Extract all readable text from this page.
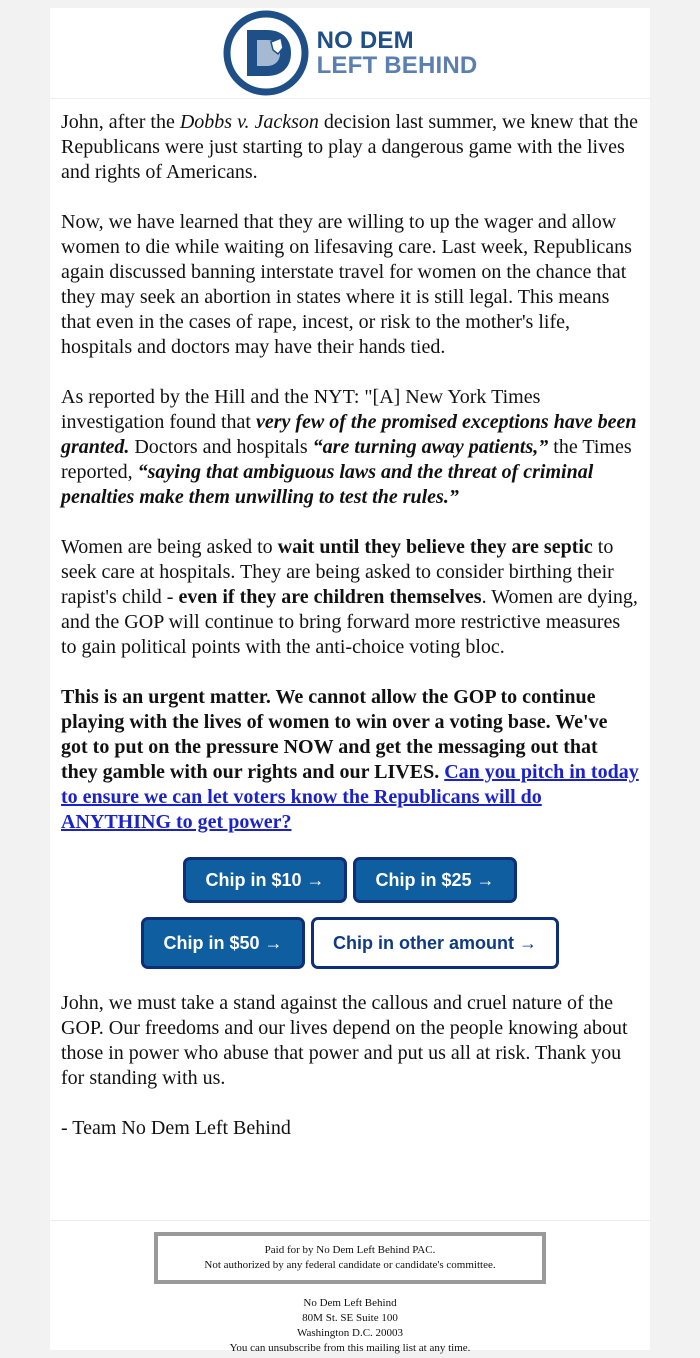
NO DEM
LEFT BEHIND

John, after the Dobbs v. Jackson decision last summer, we knew that the Republicans were just starting to play a dangerous game with the lives and rights of Americans.

Now, we have learned that they are willing to up the wager and allow women to die while waiting on lifesaving care. Last week, Republicans again discussed banning interstate travel for women on the chance that they may seek an abortion in states where it is still legal. This means that even in the cases of rape, incest, or risk to the mother's life, hospitals and doctors may have their hands tied.

As reported by the Hill and the NYT: "[A] New York Times investigation found that very few of the promised exceptions have been granted. Doctors and hospitals “are turning away patients,” the Times reported, “saying that ambiguous laws and the threat of criminal penalties make them unwilling to test the rules.”

Women are being asked to wait until they believe they are septic to seek care at hospitals. They are being asked to consider birthing their rapist's child - even if they are children themselves. Women are dying, and the GOP will continue to bring forward more restrictive measures to gain political points with the anti-choice voting bloc.

This is an urgent matter. We cannot allow the GOP to continue playing with the lives of women to win over a voting base. We've got to put on the pressure NOW and get the messaging out that they gamble with our rights and our LIVES. Can you pitch in today to ensure we can let voters know the Republicans will do ANYTHING to get power?

Chip in $10 →	Chip in $25 →
Chip in $50 →	Chip in other amount →

John, we must take a stand against the callous and cruel nature of the GOP. Our freedoms and our lives depend on the people knowing about those in power who abuse that power and put us all at risk. Thank you for standing with us.

- Team No Dem Left Behind

Paid for by No Dem Left Behind PAC.
Not authorized by any federal candidate or candidate's committee.
No Dem Left Behind
80M St. SE Suite 100
Washington D.C. 20003
You can unsubscribe from this mailing list at any time.
